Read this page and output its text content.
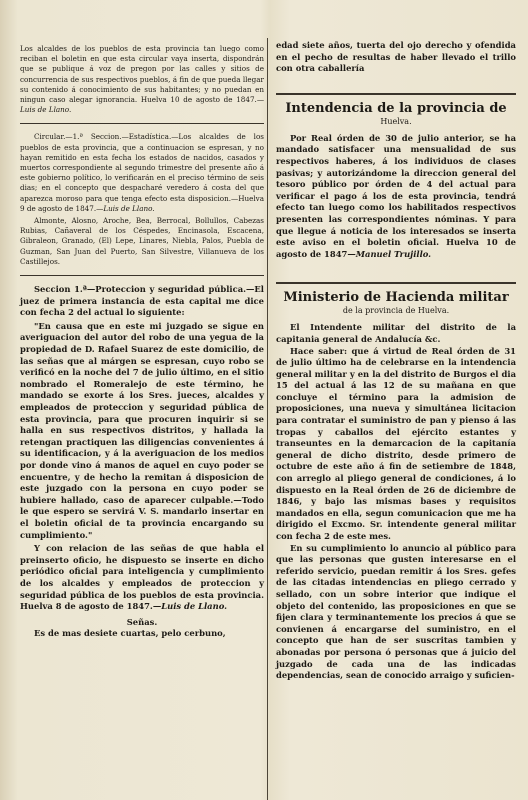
Los alcaldes de los pueblos de esta provincia tan luego como reciban el boletin en que esta circular vaya inserta, dispondrán que se publique á voz de pregon por las calles y sitios de concurrencia de sus respectivos pueblos, á fin de que pueda llegar su contenido á conocimiento de sus habitantes; y no puedan en ningun caso alegar ignorancia. Huelva 10 de agosto de 1847.—Luis de Llano.

Circular.—1.ª Seccion.—Estadística.—Los alcaldes de los pueblos de esta provincia, que a continuacion se espresan, y no hayan remitido en esta fecha los estados de nacidos, casados y muertos correspondiente al segundo trimestre del presente año á este gobierno político, lo verificarán en el preciso término de seis dias; en el concepto que despacharé verederо á costa del que aparezca moroso para que tenga efecto esta disposicion.—Huelva 9 de agosto de 1847.—Luis de Llano.

Almonte, Alosno, Aroche, Bea, Berrocal, Bollullos, Cabezas Rubias, Cañaveral de los Céspedes, Encinasola, Escacena, Gibraleon, Granado, (El) Lepe, Linares, Niebla, Palos, Puebla de Guzman, San Juan del Puerto, San Silvestre, Villanueva de los Castillejos.

Seccion 1.ª—Proteccion y seguridad pública.—El juez de primera instancia de esta capital me dice con fecha 2 del actual lo siguiente:

"En causa que en este mi juzgado se sigue en averiguacion del autor del robo de una yegua de la propiedad de D. Rafael Suarez de este domicilio, de las señas que al márgen se espresan, cuyo robo se verificó en la noche del 7 de julio último, en el sitio nombrado el Romeralejo de este término, he mandado se exorte á los Sres. jueces, alcaldes y empleados de proteccion y seguridad pública de esta provincia, para que procuren inquirir si se halla en sus respectivos distritos, y hallada la retengan practiquen las diligencias convenientes á su identificacion, y á la averiguacion de los medios por donde vino á manos de aquel en cuyo poder se encuentre, y de hecho la remitan á disposicion de este juzgado con la persona en cuyo poder se hubiere hallado, caso de aparecer culpable.—Todo le que espero se servirá V. S. mandarlo insertar en el boletin oficial de ta provincia encargando su cumplimiento."

Y con relacion de las señas de que habla el preinserto oficio, he dispuesto se inserte en dicho periódico oficial para inteligencia y cumplimiento de los alcaldes y empleados de proteccion y seguridad pública de los pueblos de esta provincia. Huelva 8 de agosto de 1847.—Luis de Llano.

Señas.

Es de mas desiete cuartas, pelo cerbuno,

edad siete años, tuerta del ojo derecho y ofendida en el pecho de resultas de haber llevado el trillo con otra caballería

Intendencia de la provincia de
Huelva.

Por Real órden de 30 de julio anterior, se ha mandado satisfacer una mensualidad de sus respectivos haberes, á los individuos de clases pasivas; y autorizándome la direccion general del tesoro público por órden de 4 del actual para verificar el pago á los de esta provincia, tendrá efecto tan luego como los habilitados respectivos presenten las correspondientes nóminas. Y para que llegue á noticia de los interesados se inserta este aviso en el boletin oficial. Huelva 10 de agosto de 1847—Manuel Trujillo.

Ministerio de Hacienda militar
de la provincia de Huelva.

El Intendente militar del distrito de la capitania general de Andalucía &c.

Hace saber: que á virtud de Real órden de 31 de julio último ha de celebrarse en la intendencia general militar y en la del distrito de Burgos el dia 15 del actual á las 12 de su mañana en que concluye el término para la admision de proposiciones, una nueva y simultánea licitacion para contratar el suministro de pan y pienso á las tropas y caballos del ejército estantes y transeuntes en la demarcacion de la capitanía general de dicho distrito, desde primero de octubre de este año á fin de setiembre de 1848, con arreglo al pliego general de condiciones, á lo dispuesto en la Real órden de 26 de diciembre de 1846, y bajo las mismas bases y requisitos mandados en ella, segun comunicacion que me ha dirigido el Excmo. Sr. intendente general militar con fecha 2 de este mes.

En su cumplimiento lo anuncio al público para que las personas que gusten interesarse en el referido servicio, puedan remitir á los Sres. gefes de las citadas intendencias en pliego cerrado y sellado, con un sobre interior que indique el objeto del contenido, las proposiciones en que se fijen clara y terminantemente los precios á que se convienen á encargarse del suministro, en el concepto que han de ser suscritas tambien y abonadas por persona ó personas que á juicio del juzgado de cada una de las indicadas dependencias, sean de conocido arraigo y suficien-
